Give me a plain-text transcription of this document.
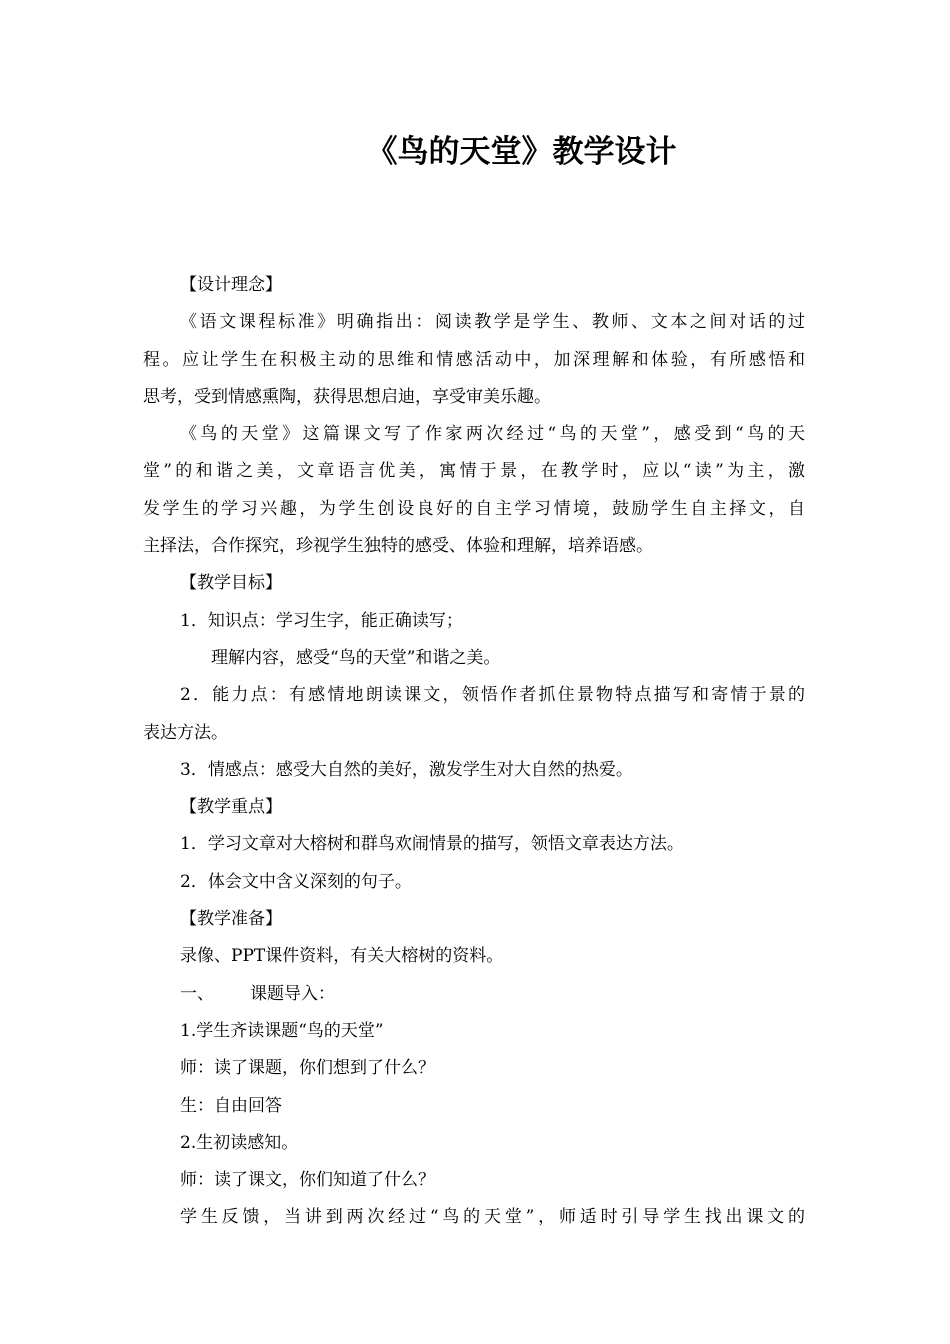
《鸟的天堂》教学设计
【设计理念】
《语文课程标准》明确指出：阅读教学是学生、教师、文本之间对话的过
程。应让学生在积极主动的思维和情感活动中，加深理解和体验，有所感悟和
思考，受到情感熏陶，获得思想启迪，享受审美乐趣。
《鸟的天堂》这篇课文写了作家两次经过“鸟的天堂”，感受到“鸟的天
堂”的和谐之美，文章语言优美，寓情于景，在教学时，应以“读”为主，激
发学生的学习兴趣，为学生创设良好的自主学习情境，鼓励学生自主择文，自
主择法，合作探究，珍视学生独特的感受、体验和理解，培养语感。
【教学目标】
1．知识点：学习生字，能正确读写；
理解内容，感受“鸟的天堂”和谐之美。
2．能力点：有感情地朗读课文，领悟作者抓住景物特点描写和寄情于景的
表达方法。
3．情感点：感受大自然的美好，激发学生对大自然的热爱。
【教学重点】
1．学习文章对大榕树和群鸟欢闹情景的描写，领悟文章表达方法。
2．体会文中含义深刻的句子。
【教学准备】
录像、PPT课件资料，有关大榕树的资料。
一、 课题导入：
1.学生齐读课题“鸟的天堂”
师：读了课题，你们想到了什么？
生：自由回答
2.生初读感知。
师：读了课文，你们知道了什么？
学生反馈，当讲到两次经过“鸟的天堂”，师适时引导学生找出课文的
